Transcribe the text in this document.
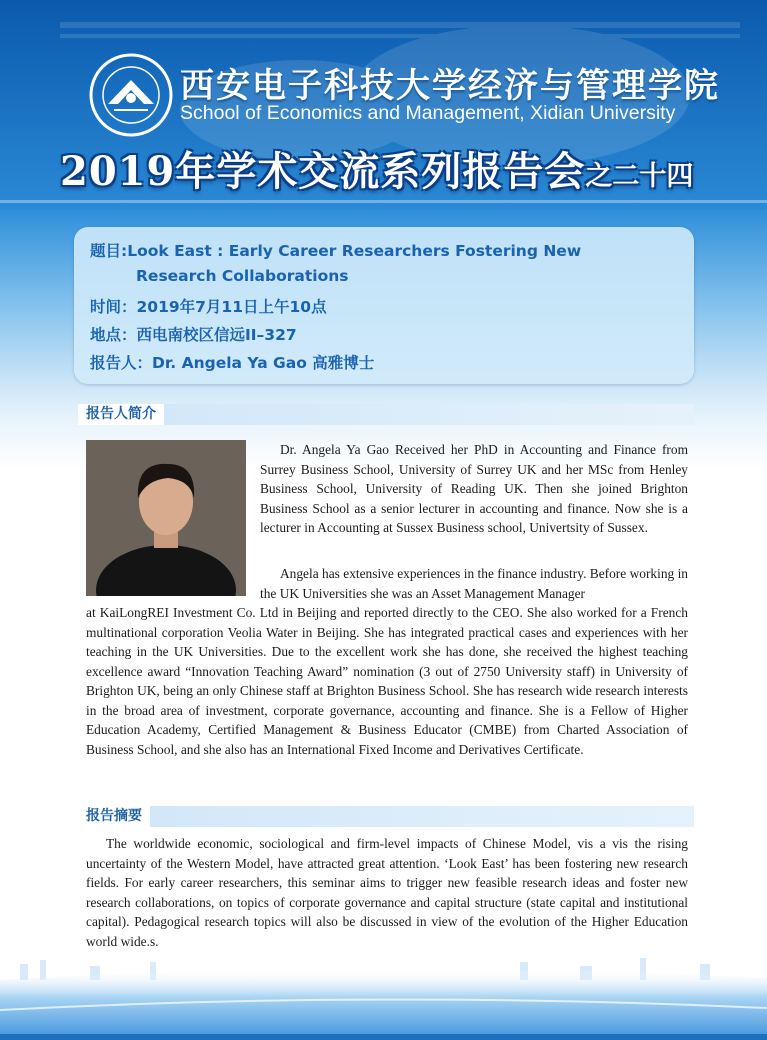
西安电子科技大学经济与管理学院
School of Economics and Management, Xidian University
2019年学术交流系列报告会之二十四
题目:Look East : Early Career Researchers Fostering New
Research Collaborations
时间：2019年7月11日上午10点
地点：西电南校区信远II–327
报告人：Dr. Angela Ya Gao 高雅博士
报告人简介

Dr. Angela Ya Gao Received her PhD in Accounting and Finance from Surrey Business School, University of Surrey UK and her MSc from Henley Business School, University of Reading UK. Then she joined Brighton Business School as a senior lecturer in accounting and finance. Now she is a lecturer in Accounting at Sussex Business school, Univertsity of Sussex.

Angela has extensive experiences in the finance industry. Before working in the UK Universities she was an Asset Management Manager

at KaiLongREI Investment Co. Ltd in Beijing and reported directly to the CEO. She also worked for a French multinational corporation Veolia Water in Beijing. She has integrated practical cases and experiences with her teaching in the UK Universities. Due to the excellent work she has done, she received the highest teaching excellence award “Innovation Teaching Award” nomination (3 out of 2750 University staff) in University of Brighton UK, being an only Chinese staff at Brighton Business School. She has research wide research interests in the broad area of investment, corporate governance, accounting and finance. She is a Fellow of Higher Education Academy, Certified Management & Business Educator (CMBE) from Charted Association of Business School, and she also has an International Fixed Income and Derivatives Certificate.

报告摘要

The worldwide economic, sociological and firm-level impacts of Chinese Model, vis a vis the rising uncertainty of the Western Model, have attracted great attention. ‘Look East’ has been fostering new research fields. For early career researchers, this seminar aims to trigger new feasible research ideas and foster new research collaborations, on topics of corporate governance and capital structure (state capital and institutional capital). Pedagogical research topics will also be discussed in view of the evolution of the Higher Education world wide.s.
